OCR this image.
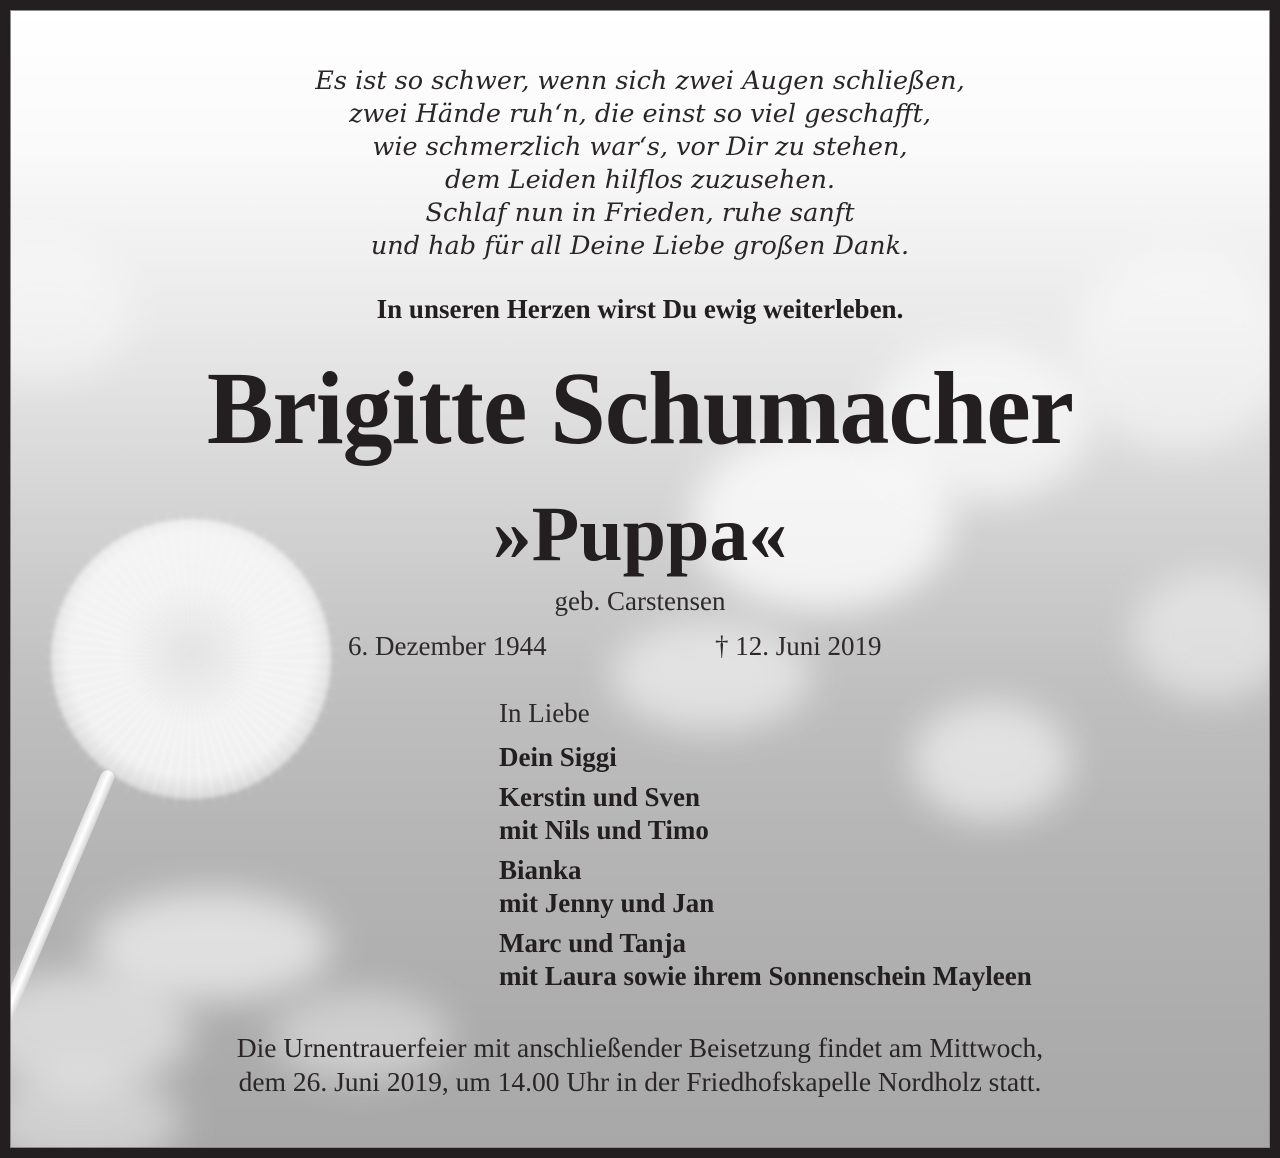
Es ist so schwer, wenn sich zwei Augen schließen,
zwei Hände ruh‘n, die einst so viel geschafft,
wie schmerzlich war‘s, vor Dir zu stehen,
dem Leiden hilflos zuzusehen.
Schlaf nun in Frieden, ruhe sanft
und hab für all Deine Liebe großen Dank.
In unseren Herzen wirst Du ewig weiterleben.
Brigitte Schumacher
»Puppa«
geb. Carstensen
6. Dezember 1944	† 12. Juni 2019
In Liebe
Dein Siggi
Kerstin und Sven
mit Nils und Timo
Bianka
mit Jenny und Jan
Marc und Tanja
mit Laura sowie ihrem Sonnenschein Mayleen
Die Urnentrauerfeier mit anschließender Beisetzung findet am Mittwoch,
dem 26. Juni 2019, um 14.00 Uhr in der Friedhofskapelle Nordholz statt.
